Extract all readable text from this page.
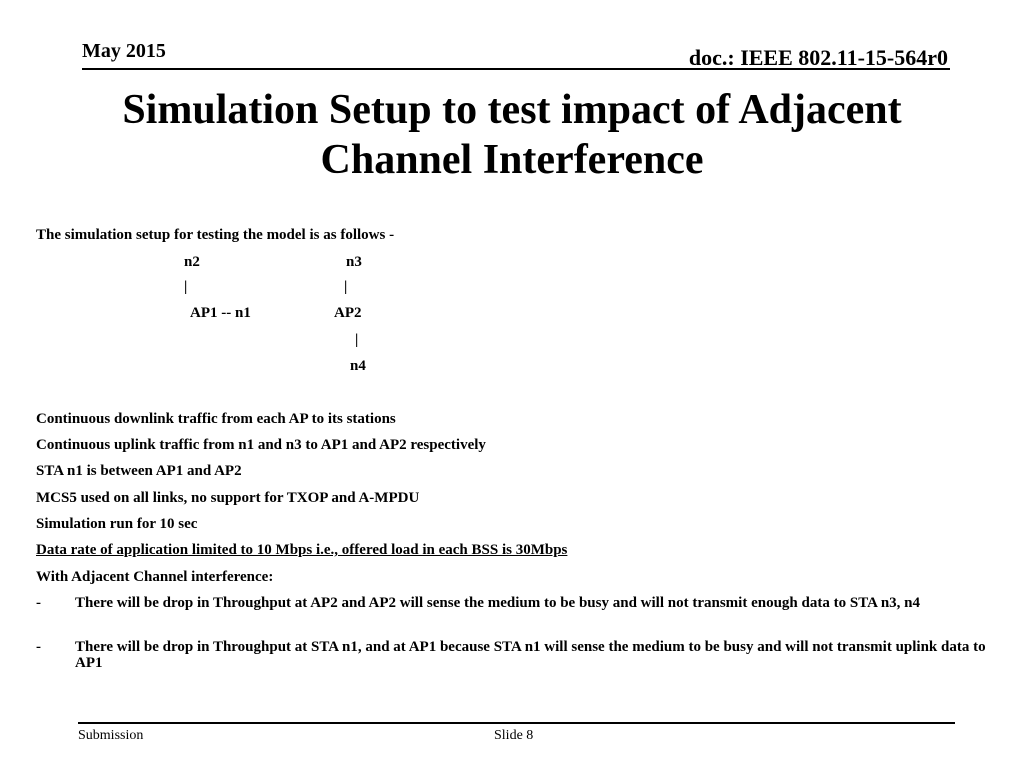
May 2015	doc.: IEEE 802.11-15-564r0
Simulation Setup to test impact of Adjacent
Channel Interference
The simulation setup for testing the model is as follows -
n2	n3
|	|
AP1 -- n1	AP2
|
n4
Continuous downlink traffic from each AP to its stations
Continuous uplink traffic from n1 and n3 to AP1 and AP2 respectively
STA n1 is between AP1 and AP2
MCS5 used on all links, no support for TXOP and A-MPDU
Simulation run for 10 sec
Data rate of application limited to 10 Mbps i.e., offered load in each BSS is 30Mbps
With Adjacent Channel interference:
- There will be drop in Throughput at AP2 and AP2 will sense the medium to be busy and will not transmit enough data to STA n3, n4
- There will be drop in Throughput at STA n1, and at AP1 because STA n1 will sense the medium to be busy and will not transmit uplink data to AP1
Submission	Slide 8
